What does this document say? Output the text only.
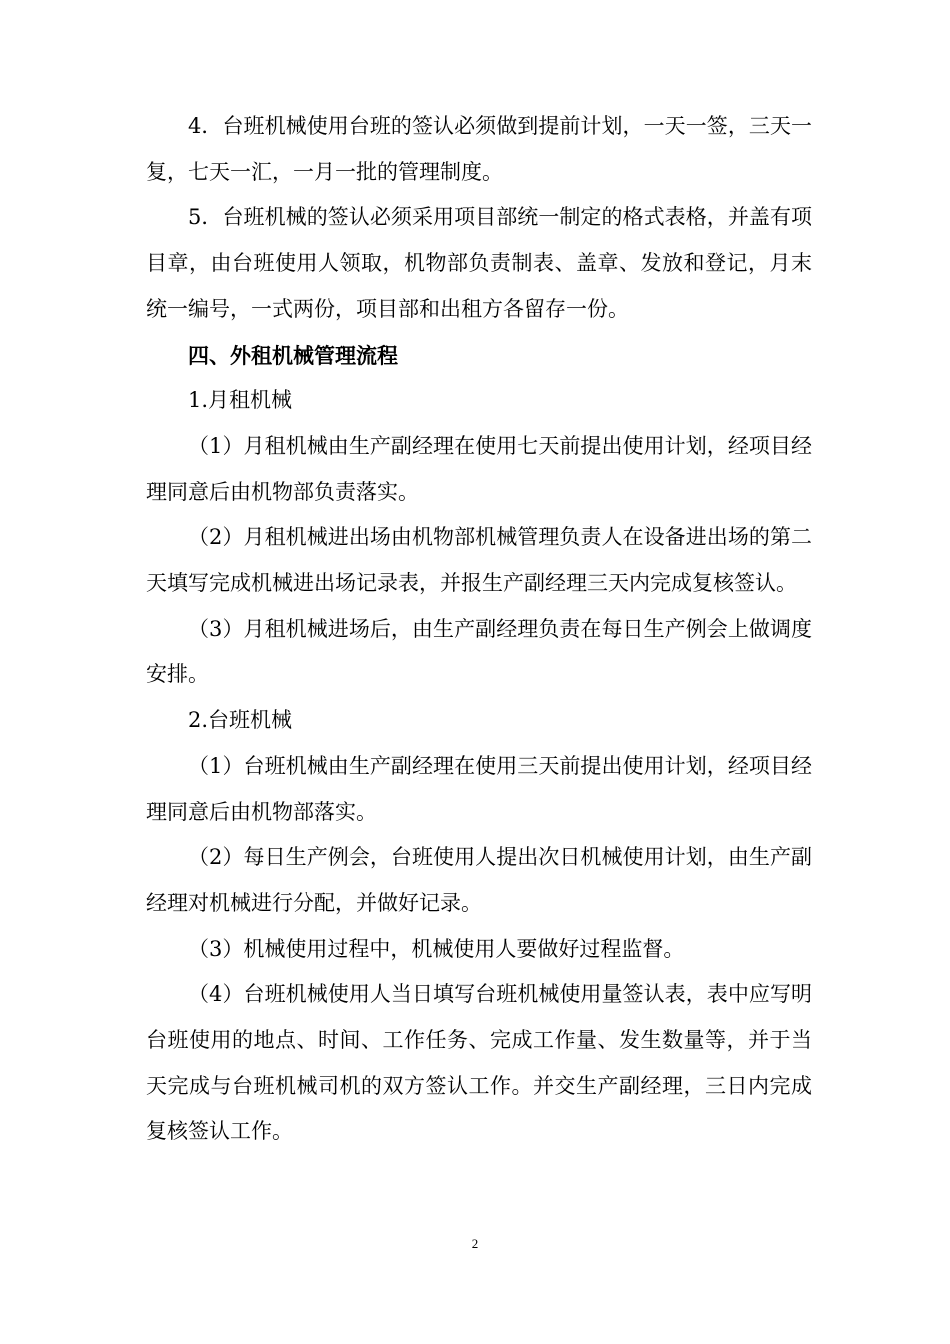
4．台班机械使用台班的签认必须做到提前计划，一天一签，三天一复，七天一汇，一月一批的管理制度。

5．台班机械的签认必须采用项目部统一制定的格式表格，并盖有项目章，由台班使用人领取，机物部负责制表、盖章、发放和登记，月末统一编号，一式两份，项目部和出租方各留存一份。

四、外租机械管理流程

1.月租机械

（1）月租机械由生产副经理在使用七天前提出使用计划，经项目经理同意后由机物部负责落实。

（2）月租机械进出场由机物部机械管理负责人在设备进出场的第二天填写完成机械进出场记录表，并报生产副经理三天内完成复核签认。

（3）月租机械进场后，由生产副经理负责在每日生产例会上做调度安排。

2.台班机械

（1）台班机械由生产副经理在使用三天前提出使用计划，经项目经理同意后由机物部落实。

（2）每日生产例会，台班使用人提出次日机械使用计划，由生产副经理对机械进行分配，并做好记录。

（3）机械使用过程中，机械使用人要做好过程监督。

（4）台班机械使用人当日填写台班机械使用量签认表，表中应写明台班使用的地点、时间、工作任务、完成工作量、发生数量等，并于当天完成与台班机械司机的双方签认工作。并交生产副经理，三日内完成复核签认工作。

2
